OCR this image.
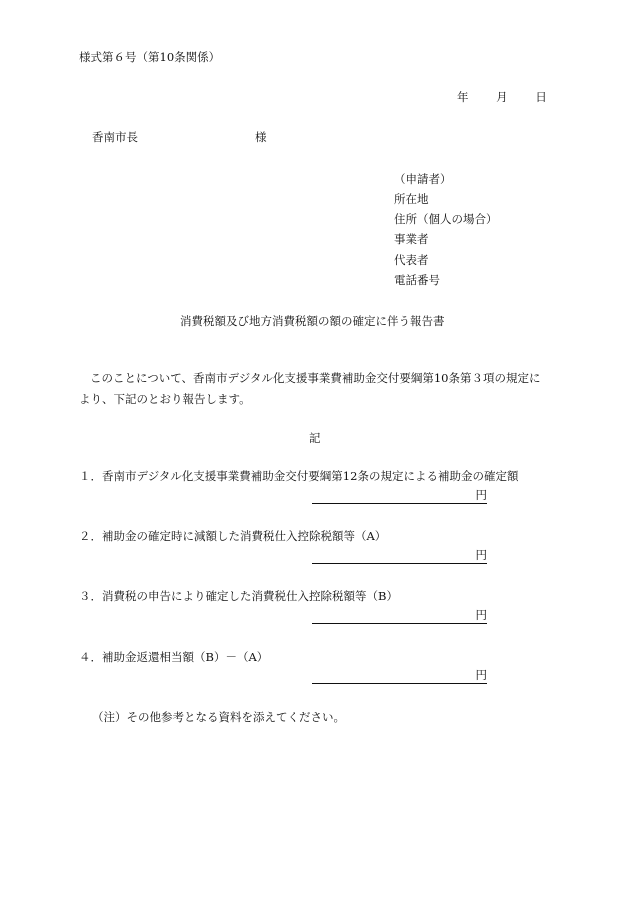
様式第６号（第10条関係）
年 月 日
香南市長	様
（申請者）
所在地
住所（個人の場合）
事業者
代表者
電話番号
消費税額及び地方消費税額の額の確定に伴う報告書
このことについて、香南市デジタル化支援事業費補助金交付要綱第10条第３項の規定に
より、下記のとおり報告します。
記
１．香南市デジタル化支援事業費補助金交付要綱第12条の規定による補助金の確定額
円
２．補助金の確定時に減額した消費税仕入控除税額等（A）
円
３．消費税の申告により確定した消費税仕入控除税額等（B）
円
４．補助金返還相当額（B）－（A）
円
（注）その他参考となる資料を添えてください。
